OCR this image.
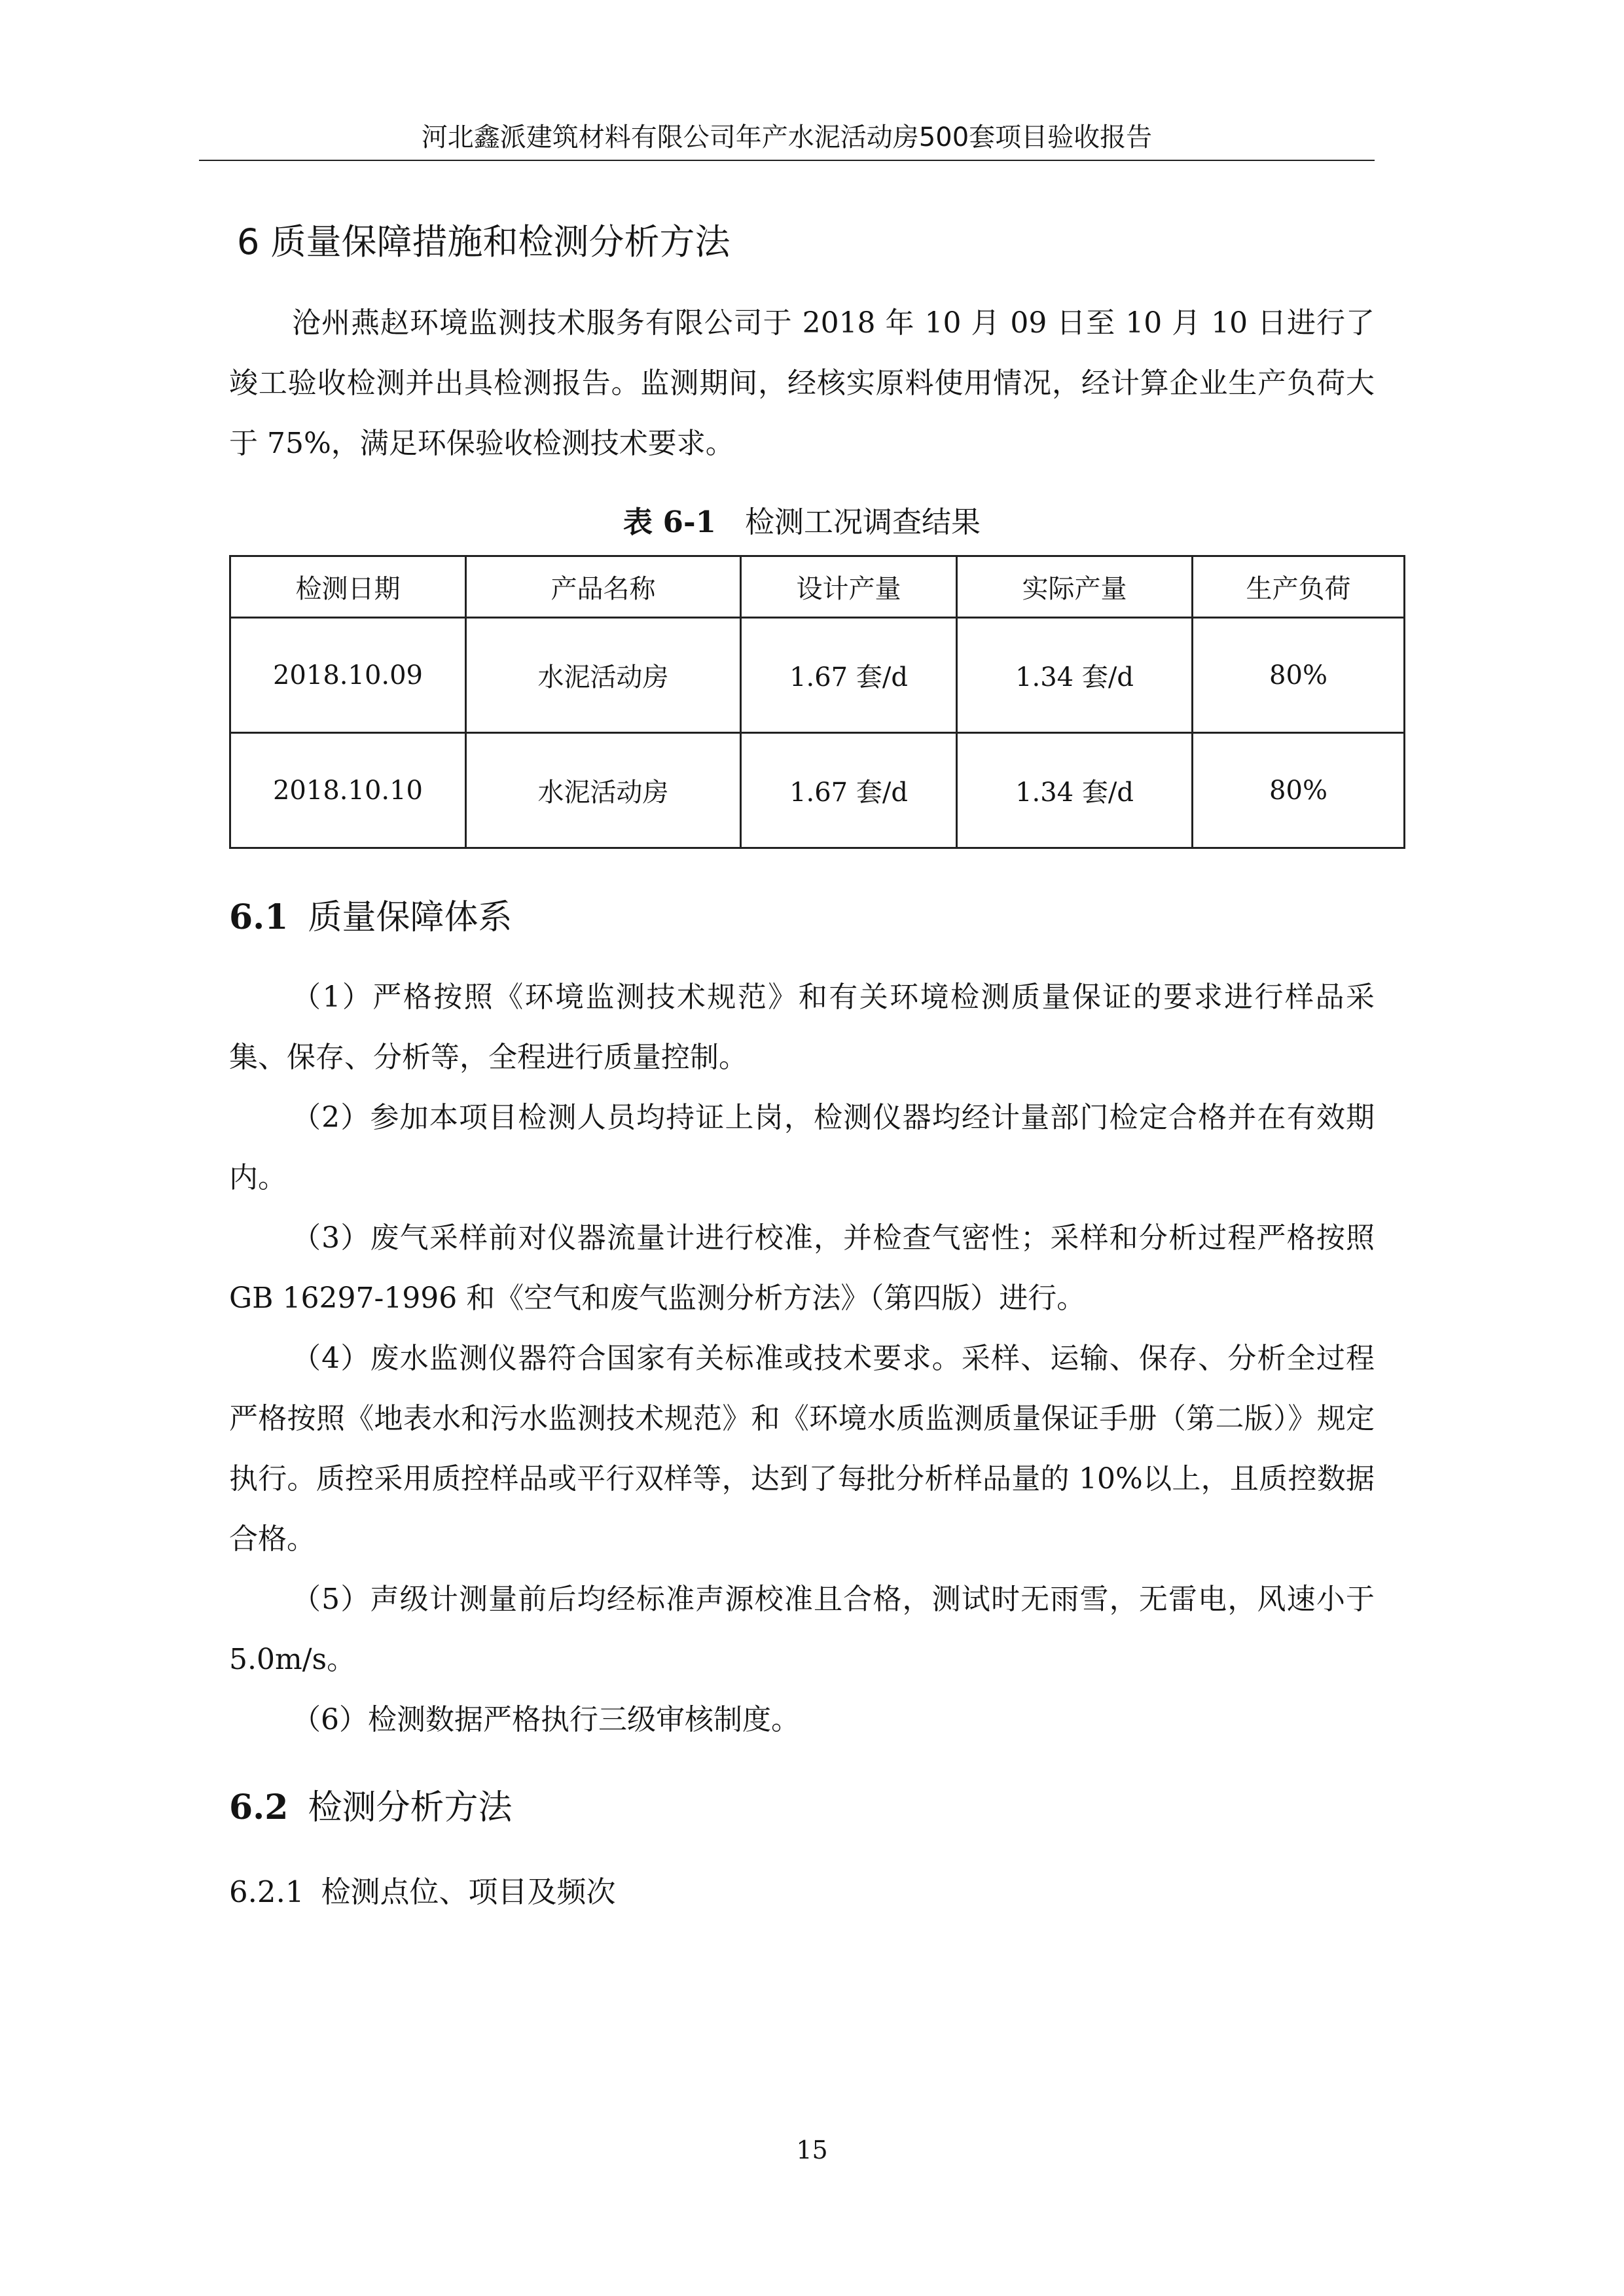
河北鑫派建筑材料有限公司年产水泥活动房500套项目验收报告
6 质量保障措施和检测分析方法

沧州燕赵环境监测技术服务有限公司于 2018 年 10 月 09 日至 10 月 10 日进行了竣工验收检测并出具检测报告。监测期间，经核实原料使用情况，经计算企业生产负荷大于 75%，满足环保验收检测技术要求。

表 6-1 检测工况调查结果
检测日期	产品名称	设计产量	实际产量	生产负荷
2018.10.09	水泥活动房	1.67 套/d	1.34 套/d	80%
2018.10.10	水泥活动房	1.67 套/d	1.34 套/d	80%
6.1 质量保障体系

（1）严格按照《环境监测技术规范》和有关环境检测质量保证的要求进行样品采集、保存、分析等，全程进行质量控制。

（2）参加本项目检测人员均持证上岗，检测仪器均经计量部门检定合格并在有效期内。

（3）废气采样前对仪器流量计进行校准，并检查气密性；采样和分析过程严格按照 GB 16297-1996 和《空气和废气监测分析方法》（第四版）进行。

（4）废水监测仪器符合国家有关标准或技术要求。采样、运输、保存、分析全过程严格按照《地表水和污水监测技术规范》和《环境水质监测质量保证手册（第二版）》规定执行。质控采用质控样品或平行双样等，达到了每批分析样品量的 10%以上，且质控数据合格。

（5）声级计测量前后均经标准声源校准且合格，测试时无雨雪，无雷电，风速小于 5.0m/s。

（6）检测数据严格执行三级审核制度。

6.2 检测分析方法
6.2.1 检测点位、项目及频次
15
